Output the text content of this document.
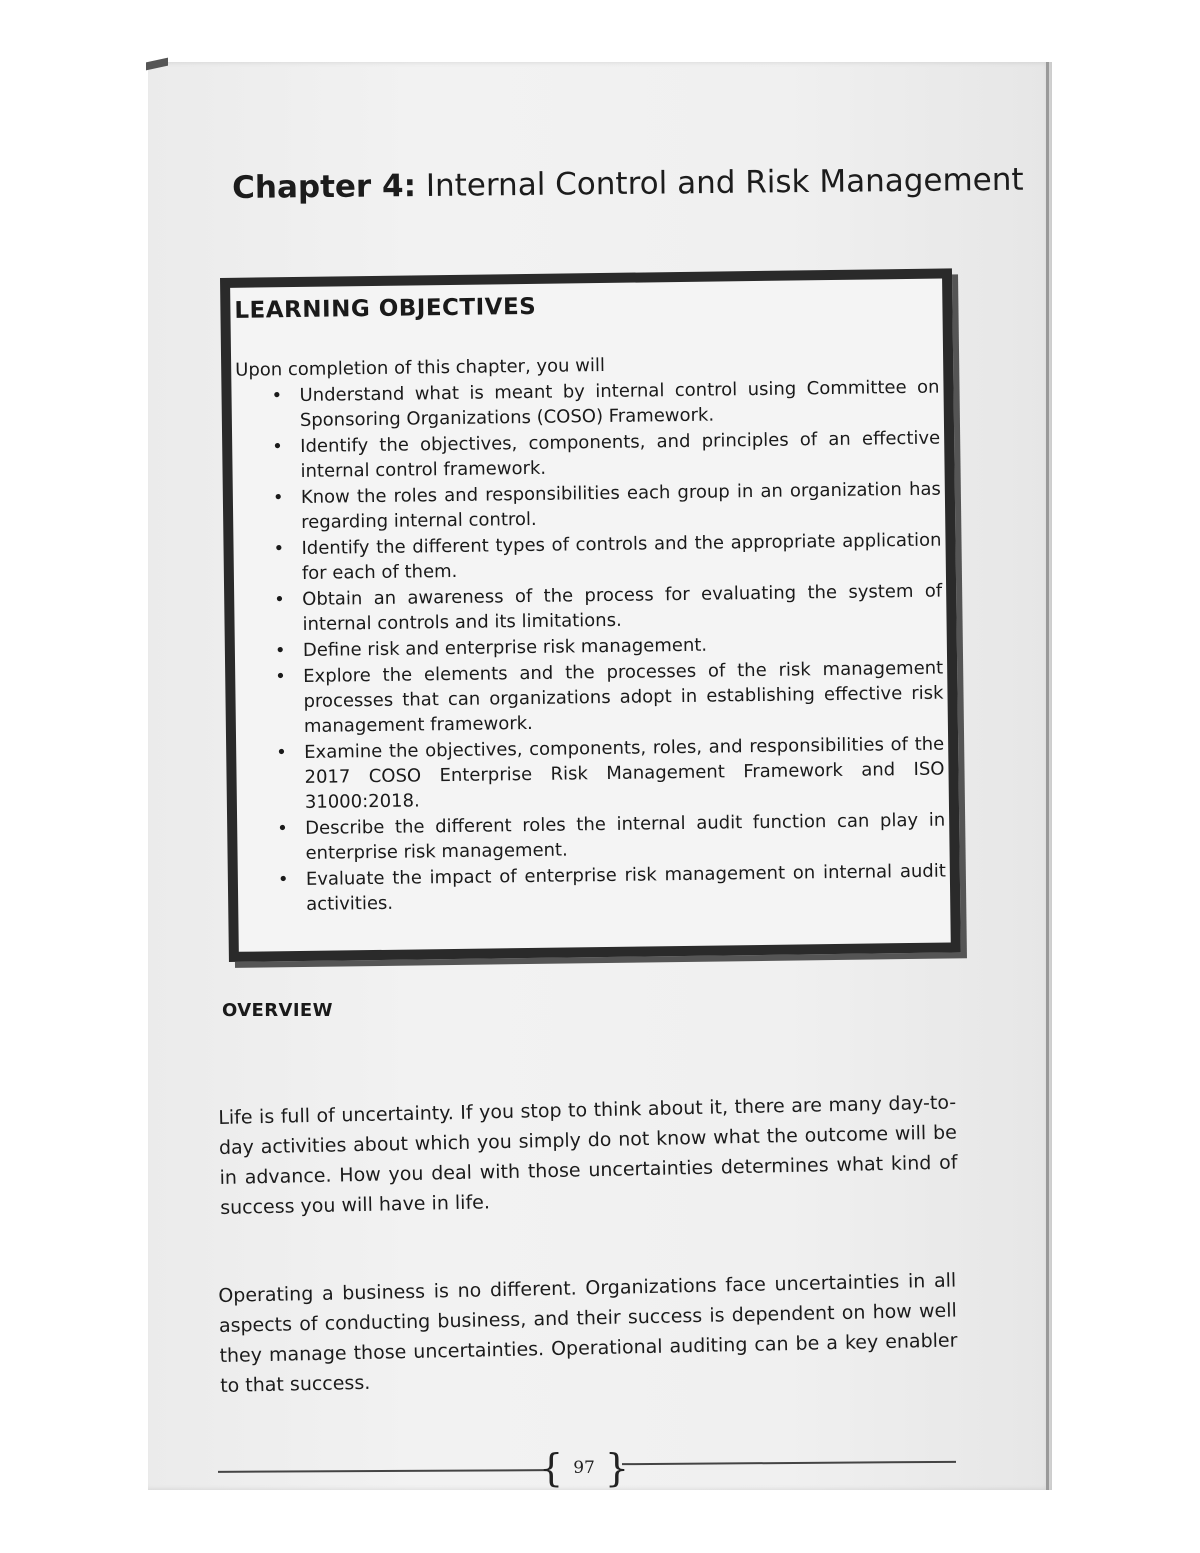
Chapter 4: Internal Control and Risk Management
LEARNING OBJECTIVES
Upon completion of this chapter, you will
• Understand what is meant by internal control using Committee on Sponsoring Organizations (COSO) Framework.
• Identify the objectives, components, and principles of an effective internal control framework.
• Know the roles and responsibilities each group in an organization has regarding internal control.
• Identify the different types of controls and the appropriate application for each of them.
• Obtain an awareness of the process for evaluating the system of internal controls and its limitations.
• Define risk and enterprise risk management.
• Explore the elements and the processes of the risk management processes that can organizations adopt in establishing effective risk management framework.
• Examine the objectives, components, roles, and responsibilities of the 2017 COSO Enterprise Risk Management Framework and ISO 31000:2018.
• Describe the different roles the internal audit function can play in enterprise risk management.
• Evaluate the impact of enterprise risk management on internal audit activities.
OVERVIEW

Life is full of uncertainty. If you stop to think about it, there are many day-to-day activities about which you simply do not know what the outcome will be in advance. How you deal with those uncertainties determines what kind of success you will have in life.

Operating a business is no different. Organizations face uncertainties in all aspects of conducting business, and their success is dependent on how well they manage those uncertainties. Operational auditing can be a key enabler to that success.

{ 97 }
